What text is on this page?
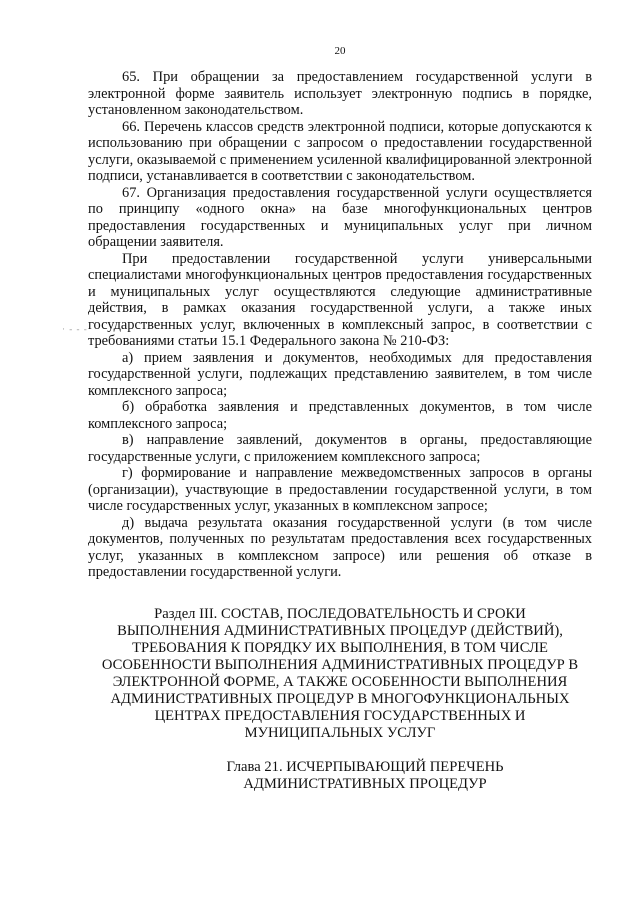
20

65. При обращении за предоставлением государственной услуги в электронной форме заявитель использует электронную подпись в порядке, установленном законодательством.

66. Перечень классов средств электронной подписи, которые допускаются к использованию при обращении с запросом о предоставлении государственной услуги, оказываемой с применением усиленной квалифицированной электронной подписи, устанавливается в соответствии с законодательством.

67. Организация предоставления государственной услуги осуществляется по принципу «одного окна» на базе многофункциональных центров предоставления государственных и муниципальных услуг при личном обращении заявителя.

При предоставлении государственной услуги универсальными специалистами многофункциональных центров предоставления государственных и муниципальных услуг осуществляются следующие административные действия, в рамках оказания государственной услуги, а также иных государственных услуг, включенных в комплексный запрос, в соответствии с требованиями статьи 15.1 Федерального закона № 210-ФЗ:

а) прием заявления и документов, необходимых для предоставления государственной услуги, подлежащих представлению заявителем, в том числе комплексного запроса;

б) обработка заявления и представленных документов, в том числе комплексного запроса;

в) направление заявлений, документов в органы, предоставляющие государственные услуги, с приложением комплексного запроса;

г) формирование и направление межведомственных запросов в органы (организации), участвующие в предоставлении государственной услуги, в том числе государственных услуг, указанных в комплексном запросе;

д) выдача результата оказания государственной услуги (в том числе документов, полученных по результатам предоставления всех государственных услуг, указанных в комплексном запросе) или решения об отказе в предоставлении государственной услуги.

Раздел III. СОСТАВ, ПОСЛЕДОВАТЕЛЬНОСТЬ И СРОКИ
ВЫПОЛНЕНИЯ АДМИНИСТРАТИВНЫХ ПРОЦЕДУР (ДЕЙСТВИЙ),
ТРЕБОВАНИЯ К ПОРЯДКУ ИХ ВЫПОЛНЕНИЯ, В ТОМ ЧИСЛЕ
ОСОБЕННОСТИ ВЫПОЛНЕНИЯ АДМИНИСТРАТИВНЫХ ПРОЦЕДУР В
ЭЛЕКТРОННОЙ ФОРМЕ, А ТАКЖЕ ОСОБЕННОСТИ ВЫПОЛНЕНИЯ
АДМИНИСТРАТИВНЫХ ПРОЦЕДУР В МНОГОФУНКЦИОНАЛЬНЫХ
ЦЕНТРАХ ПРЕДОСТАВЛЕНИЯ ГОСУДАРСТВЕННЫХ И
МУНИЦИПАЛЬНЫХ УСЛУГ
Глава 21. ИСЧЕРПЫВАЮЩИЙ ПЕРЕЧЕНЬ
АДМИНИСТРАТИВНЫХ ПРОЦЕДУР
· - - -
